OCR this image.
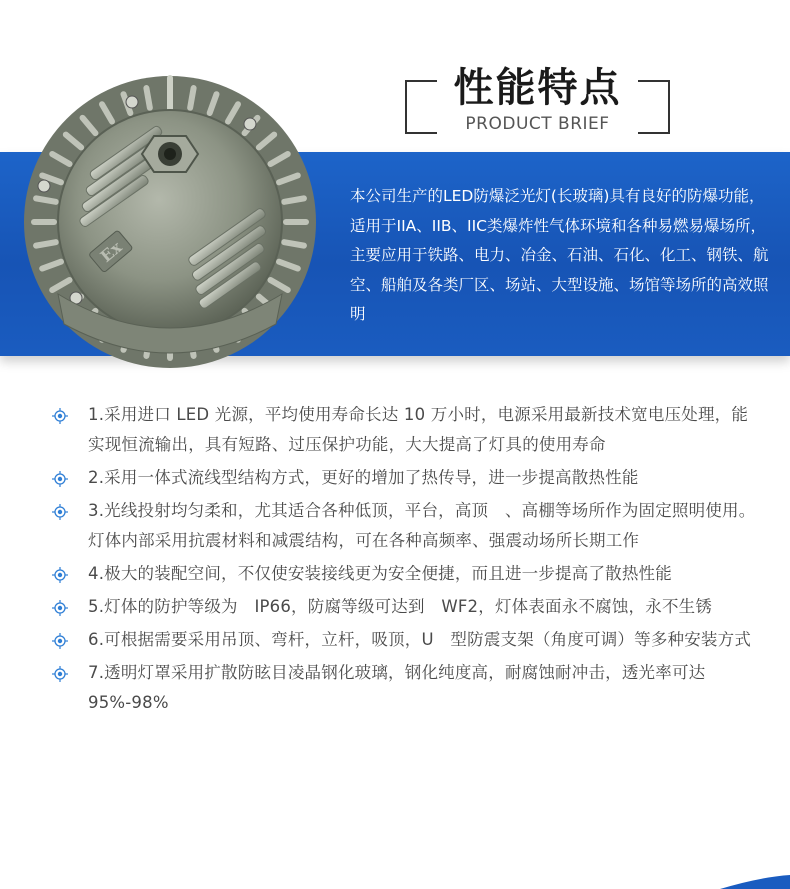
性能特点
PRODUCT BRIEF
Ex
本公司生产的LED防爆泛光灯(长玻璃)具有良好的防爆功能，适用于IIA、IIB、IIC类爆炸性气体环境和各种易燃易爆场所，主要应用于铁路、电力、冶金、石油、石化、化工、钢铁、航空、船舶及各类厂区、场站、大型设施、场馆等场所的高效照明
1.采用进口 LED 光源，平均使用寿命长达 10 万小时，电源采用最新技术宽电压处理，能实现恒流输出，具有短路、过压保护功能，大大提高了灯具的使用寿命
2.采用一体式流线型结构方式，更好的增加了热传导，进一步提高散热性能
3.光线投射均匀柔和，尤其适合各种低顶，平台，高顶　、高棚等场所作为固定照明使用。灯体内部采用抗震材料和减震结构，可在各种高频率、强震动场所长期工作
4.极大的装配空间，不仅使安装接线更为安全便捷，而且进一步提高了散热性能
5.灯体的防护等级为　IP66，防腐等级可达到　WF2，灯体表面永不腐蚀，永不生锈
6.可根据需要采用吊顶、弯杆，立杆，吸顶，U　型防震支架（角度可调）等多种安装方式
7.透明灯罩采用扩散防眩目凌晶钢化玻璃，钢化纯度高，耐腐蚀耐冲击，透光率可达 95%-98%
